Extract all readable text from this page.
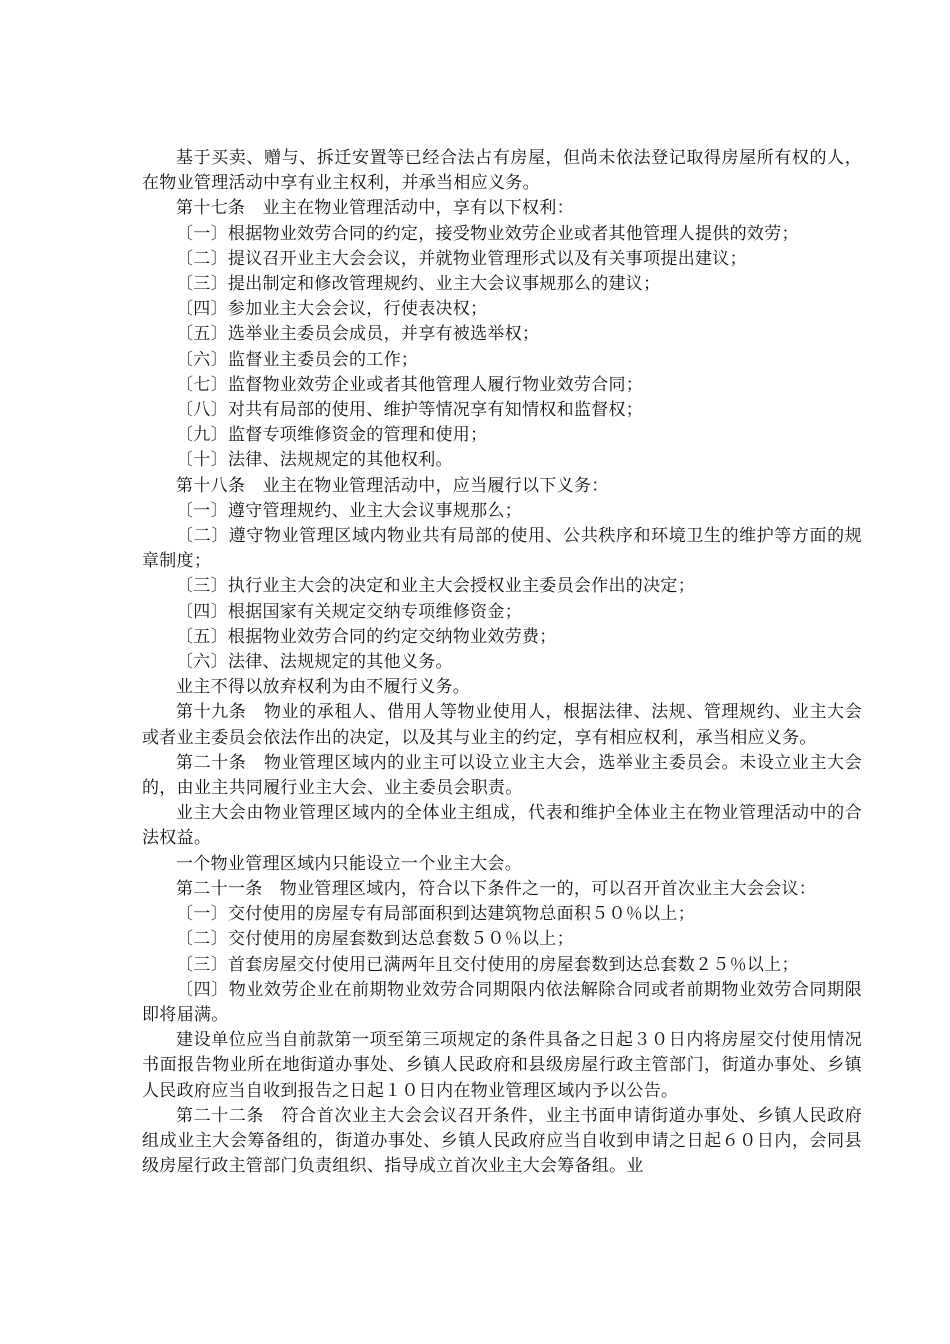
基于买卖、赠与、拆迁安置等已经合法占有房屋，但尚未依法登记取得房屋所有权的人，在物业管理活动中享有业主权利，并承当相应义务。

第十七条　业主在物业管理活动中，享有以下权利：

〔一〕根据物业效劳合同的约定，接受物业效劳企业或者其他管理人提供的效劳；

〔二〕提议召开业主大会会议，并就物业管理形式以及有关事项提出建议；

〔三〕提出制定和修改管理规约、业主大会议事规那么的建议；

〔四〕参加业主大会会议，行使表决权；

〔五〕选举业主委员会成员，并享有被选举权；

〔六〕监督业主委员会的工作；

〔七〕监督物业效劳企业或者其他管理人履行物业效劳合同；

〔八〕对共有局部的使用、维护等情况享有知情权和监督权；

〔九〕监督专项维修资金的管理和使用；

〔十〕法律、法规规定的其他权利。

第十八条　业主在物业管理活动中，应当履行以下义务：

〔一〕遵守管理规约、业主大会议事规那么；

〔二〕遵守物业管理区域内物业共有局部的使用、公共秩序和环境卫生的维护等方面的规章制度；

〔三〕执行业主大会的决定和业主大会授权业主委员会作出的决定；

〔四〕根据国家有关规定交纳专项维修资金；

〔五〕根据物业效劳合同的约定交纳物业效劳费；

〔六〕法律、法规规定的其他义务。

业主不得以放弃权利为由不履行义务。

第十九条　物业的承租人、借用人等物业使用人，根据法律、法规、管理规约、业主大会或者业主委员会依法作出的决定，以及其与业主的约定，享有相应权利，承当相应义务。

第二十条　物业管理区域内的业主可以设立业主大会，选举业主委员会。未设立业主大会的，由业主共同履行业主大会、业主委员会职责。

业主大会由物业管理区域内的全体业主组成，代表和维护全体业主在物业管理活动中的合法权益。

一个物业管理区域内只能设立一个业主大会。

第二十一条　物业管理区域内，符合以下条件之一的，可以召开首次业主大会会议：

〔一〕交付使用的房屋专有局部面积到达建筑物总面积５０％以上；

〔二〕交付使用的房屋套数到达总套数５０％以上；

〔三〕首套房屋交付使用已满两年且交付使用的房屋套数到达总套数２５％以上；

〔四〕物业效劳企业在前期物业效劳合同期限内依法解除合同或者前期物业效劳合同期限即将届满。

建设单位应当自前款第一项至第三项规定的条件具备之日起３０日内将房屋交付使用情况书面报告物业所在地街道办事处、乡镇人民政府和县级房屋行政主管部门，街道办事处、乡镇人民政府应当自收到报告之日起１０日内在物业管理区域内予以公告。

第二十二条　符合首次业主大会会议召开条件，业主书面申请街道办事处、乡镇人民政府组成业主大会筹备组的，街道办事处、乡镇人民政府应当自收到申请之日起６０日内，会同县级房屋行政主管部门负责组织、指导成立首次业主大会筹备组。业
